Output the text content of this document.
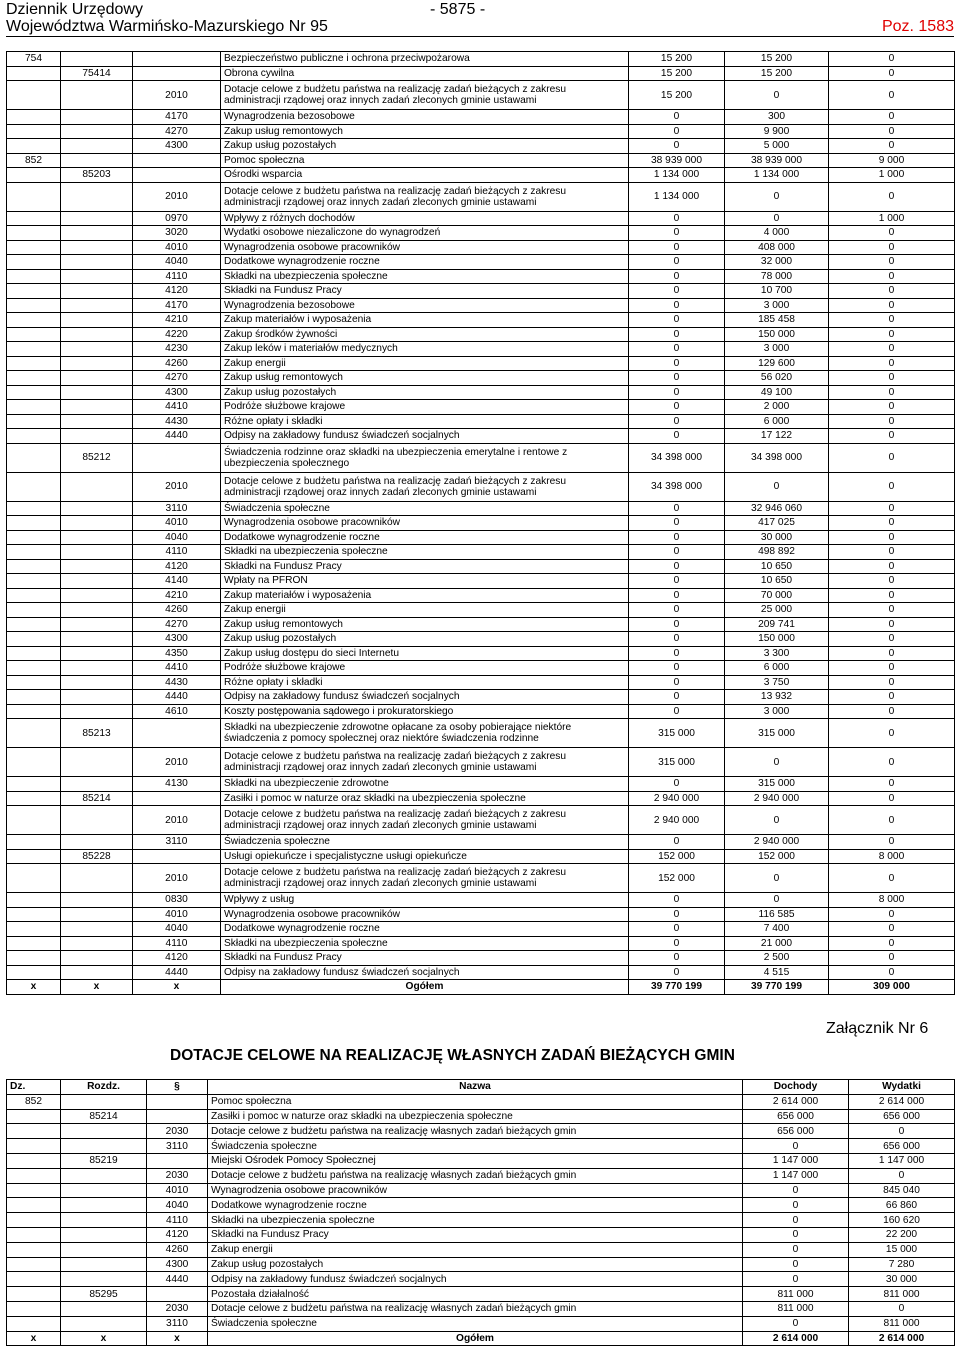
Dziennik Urzędowy
Województwa Warmińsko-Mazurskiego Nr 95
- 5875 -
Poz. 1583
754			Bezpieczeństwo publiczne i ochrona przeciwpożarowa	15 200	15 200	0
	75414		Obrona cywilna	15 200	15 200	0
		2010	Dotacje celowe z budżetu państwa na realizację zadań bieżących z zakresu administracji rządowej oraz innych zadań zleconych gminie ustawami	15 200	0	0
		4170	Wynagrodzenia bezosobowe	0	300	0
		4270	Zakup usług remontowych	0	9 900	0
		4300	Zakup usług pozostałych	0	5 000	0
852			Pomoc społeczna	38 939 000	38 939 000	9 000
	85203		Ośrodki wsparcia	1 134 000	1 134 000	1 000
		2010	Dotacje celowe z budżetu państwa na realizację zadań bieżących z zakresu administracji rządowej oraz innych zadań zleconych gminie ustawami	1 134 000	0	0
		0970	Wpływy z różnych dochodów	0	0	1 000
		3020	Wydatki osobowe niezaliczone do wynagrodzeń	0	4 000	0
		4010	Wynagrodzenia osobowe pracowników	0	408 000	0
		4040	Dodatkowe wynagrodzenie roczne	0	32 000	0
		4110	Składki na ubezpieczenia społeczne	0	78 000	0
		4120	Składki na Fundusz Pracy	0	10 700	0
		4170	Wynagrodzenia bezosobowe	0	3 000	0
		4210	Zakup materiałów i wyposażenia	0	185 458	0
		4220	Zakup środków żywności	0	150 000	0
		4230	Zakup leków i materiałów medycznych	0	3 000	0
		4260	Zakup energii	0	129 600	0
		4270	Zakup usług remontowych	0	56 020	0
		4300	Zakup usług pozostałych	0	49 100	0
		4410	Podróże służbowe krajowe	0	2 000	0
		4430	Różne opłaty i składki	0	6 000	0
		4440	Odpisy na zakładowy fundusz świadczeń socjalnych	0	17 122	0
	85212		Świadczenia rodzinne oraz składki na ubezpieczenia emerytalne i rentowe z ubezpieczenia społecznego	34 398 000	34 398 000	0
		2010	Dotacje celowe z budżetu państwa na realizację zadań bieżących z zakresu administracji rządowej oraz innych zadań zleconych gminie ustawami	34 398 000	0	0
		3110	Świadczenia społeczne	0	32 946 060	0
		4010	Wynagrodzenia osobowe pracowników	0	417 025	0
		4040	Dodatkowe wynagrodzenie roczne	0	30 000	0
		4110	Składki na ubezpieczenia społeczne	0	498 892	0
		4120	Składki na Fundusz Pracy	0	10 650	0
		4140	Wpłaty na PFRON	0	10 650	0
		4210	Zakup materiałów i wyposażenia	0	70 000	0
		4260	Zakup energii	0	25 000	0
		4270	Zakup usług remontowych	0	209 741	0
		4300	Zakup usług pozostałych	0	150 000	0
		4350	Zakup usług dostępu do sieci Internetu	0	3 300	0
		4410	Podróże służbowe krajowe	0	6 000	0
		4430	Różne opłaty i składki	0	3 750	0
		4440	Odpisy na zakładowy fundusz świadczeń socjalnych	0	13 932	0
		4610	Koszty postępowania sądowego i prokuratorskiego	0	3 000	0
	85213		Składki na ubezpieczenie zdrowotne opłacane za osoby pobierające niektóre świadczenia z pomocy społecznej oraz niektóre świadczenia rodzinne	315 000	315 000	0
		2010	Dotacje celowe z budżetu państwa na realizację zadań bieżących z zakresu administracji rządowej oraz innych zadań zleconych gminie ustawami	315 000	0	0
		4130	Składki na ubezpieczenie zdrowotne	0	315 000	0
	85214		Zasiłki i pomoc w naturze oraz składki na ubezpieczenia społeczne	2 940 000	2 940 000	0
		2010	Dotacje celowe z budżetu państwa na realizację zadań bieżących z zakresu administracji rządowej oraz innych zadań zleconych gminie ustawami	2 940 000	0	0
		3110	Świadczenia społeczne	0	2 940 000	0
	85228		Usługi opiekuńcze i specjalistyczne usługi opiekuńcze	152 000	152 000	8 000
		2010	Dotacje celowe z budżetu państwa na realizację zadań bieżących z zakresu administracji rządowej oraz innych zadań zleconych gminie ustawami	152 000	0	0
		0830	Wpływy z usług	0	0	8 000
		4010	Wynagrodzenia osobowe pracowników	0	116 585	0
		4040	Dodatkowe wynagrodzenie roczne	0	7 400	0
		4110	Składki na ubezpieczenia społeczne	0	21 000	0
		4120	Składki na Fundusz Pracy	0	2 500	0
		4440	Odpisy na zakładowy fundusz świadczeń socjalnych	0	4 515	0
x	x	x	Ogółem	39 770 199	39 770 199	309 000
Załącznik Nr 6
DOTACJE CELOWE NA REALIZACJĘ WŁASNYCH ZADAŃ BIEŻĄCYCH GMIN
Dz.	Rozdz.	§	Nazwa	Dochody	Wydatki
852			Pomoc społeczna	2 614 000	2 614 000
	85214		Zasiłki i pomoc w naturze oraz składki na ubezpieczenia społeczne	656 000	656 000
		2030	Dotacje celowe z budżetu państwa na realizację własnych zadań bieżących gmin	656 000	0
		3110	Świadczenia społeczne	0	656 000
	85219		Miejski Ośrodek Pomocy Społecznej	1 147 000	1 147 000
		2030	Dotacje celowe z budżetu państwa na realizację własnych zadań bieżących gmin	1 147 000	0
		4010	Wynagrodzenia osobowe pracowników	0	845 040
		4040	Dodatkowe wynagrodzenie roczne	0	66 860
		4110	Składki na ubezpieczenia społeczne	0	160 620
		4120	Składki na Fundusz Pracy	0	22 200
		4260	Zakup energii	0	15 000
		4300	Zakup usług pozostałych	0	7 280
		4440	Odpisy na zakładowy fundusz świadczeń socjalnych	0	30 000
	85295		Pozostała działalność	811 000	811 000
		2030	Dotacje celowe z budżetu państwa na realizację własnych zadań bieżących gmin	811 000	0
		3110	Świadczenia społeczne	0	811 000
x	x	x	Ogółem	2 614 000	2 614 000
